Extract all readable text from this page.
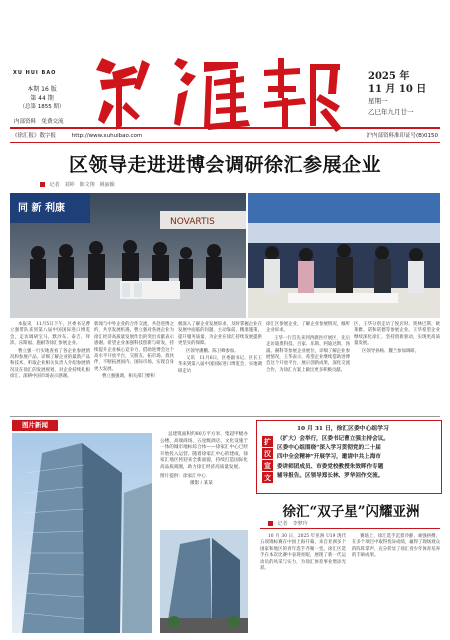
XU HUI BAO
本期 16 版
第 44 期
（总第 1855 期）
内部资料　免费交流
2025 年
11 月 10 日
星期一
乙巳年九月廿一
《徐汇报》数字报	http://www.xuhuibao.com	沪内部资料准印证号(B)0150
区领导走进进博会调研徐汇参展企业
记者　刘婷　陈文翔　姚丽颖
同 新 利康
NOVARTIS

本报讯　11月5日下午，区委书记曹立强带队来到第八届中国国际进口博览会，走访调研宝马、默沙东、泰吉、拜沛、乐斯福、施耐等徐汇参展企业。

曹立强一行实地查看了各企业参展情况和参展产品，详细了解企业的最新产品和技术，听取企业相关负责人介绍参展情况及在徐汇的发展规划，对企业持续扎根徐汇、深耕中国市场表示感谢。

新闻与中外企业的合作交流，共赴进博之约，共享发展机遇。曹立强对各展企业为徐汇经济高质量发展作出的突出贡献表示感谢。希望企业加强科技创新与研发，持续提升企业核心竞争力，借助进博会这个高水平开放平台，交朋友、拓市场、找伙伴，不断拓展国内、国际市场，实现自身更大发展。

曹立强强调，相关部门要积

极深入了解企业发展诉求，及时掌握企业在发展中面临的问题，主动靠前、精准施策，提升服务质量，为企业在徐汇持续发展提供更坚实的保障。

区领导潘鹏、陈卫峰参加。

又讯　11月6日，区委副书记、区长王华来到第八届中国国际进口博览会，实地调研走访

徐汇区参展企业，了解企业参展情况，倾听企业诉求。

王华一行首先来到西鹿医疗展区，先后走访迪奥科技、百家、乐斯、阿迪达斯、汤浦、赫科等参展企业展位，详细了解企业参展情况，王华表示，希望企业继续借助进博会这个开放平台，展示创新成果，深化交流合作，为徐汇方案上做出更多积极贡献。

区，王华分别走访了悦店时、奥林巴斯、欧莱雅、诺和诺德等参展企业。王华希望企业继续深化徐汇，坚持创新驱动，实现更高质量发展。

区领导孙杨、魏兰参加调研。

图片新闻

总建筑面积约80万平方米、集超甲级办公楼、高端商场、五星级酒店、文化设施于一体的城市地标综合体——徐家汇中心已经开始投入运营。随着徐家汇中心的建成，徐家汇地区将迎来全新面貌，持续打造国际化高品质商圈，助力徐汇经济高质量发展。

图片提供：徐家汇中心

摄影 / 某某

10 月 31 日，徐汇区委中心组学习
扩
汉
宣
文
（扩大）会举行，区委书记曹立强主持会议。
区委中心组围绕“深入学习贯彻党的二十届
四中全会精神”开展学习，邀请中共上海市
委讲师团成员、市委党校教授朱效晖作专题
辅导报告。区领导郑长林、罗华回作交流。
徐汇“双子星”闪耀亚洲
记者　李梦玲

10 月 30 日，2025 年亚洲 U19 现代五项锦标赛在中国上海开幕，来自亚洲多个国家和地区的青年选手齐聚一堂。徐汇区选手在本次比赛中表现亮眼，展现了新一代运动员的风采与实力，为徐汇体育事业增添光彩。

赛场上，徐汇选手沉着冷静、顽强拼搏，在多个项目中取得优异成绩，赢得了现场观众的阵阵掌声，充分彰显了徐汇青少年体育培养的丰硕成果。
